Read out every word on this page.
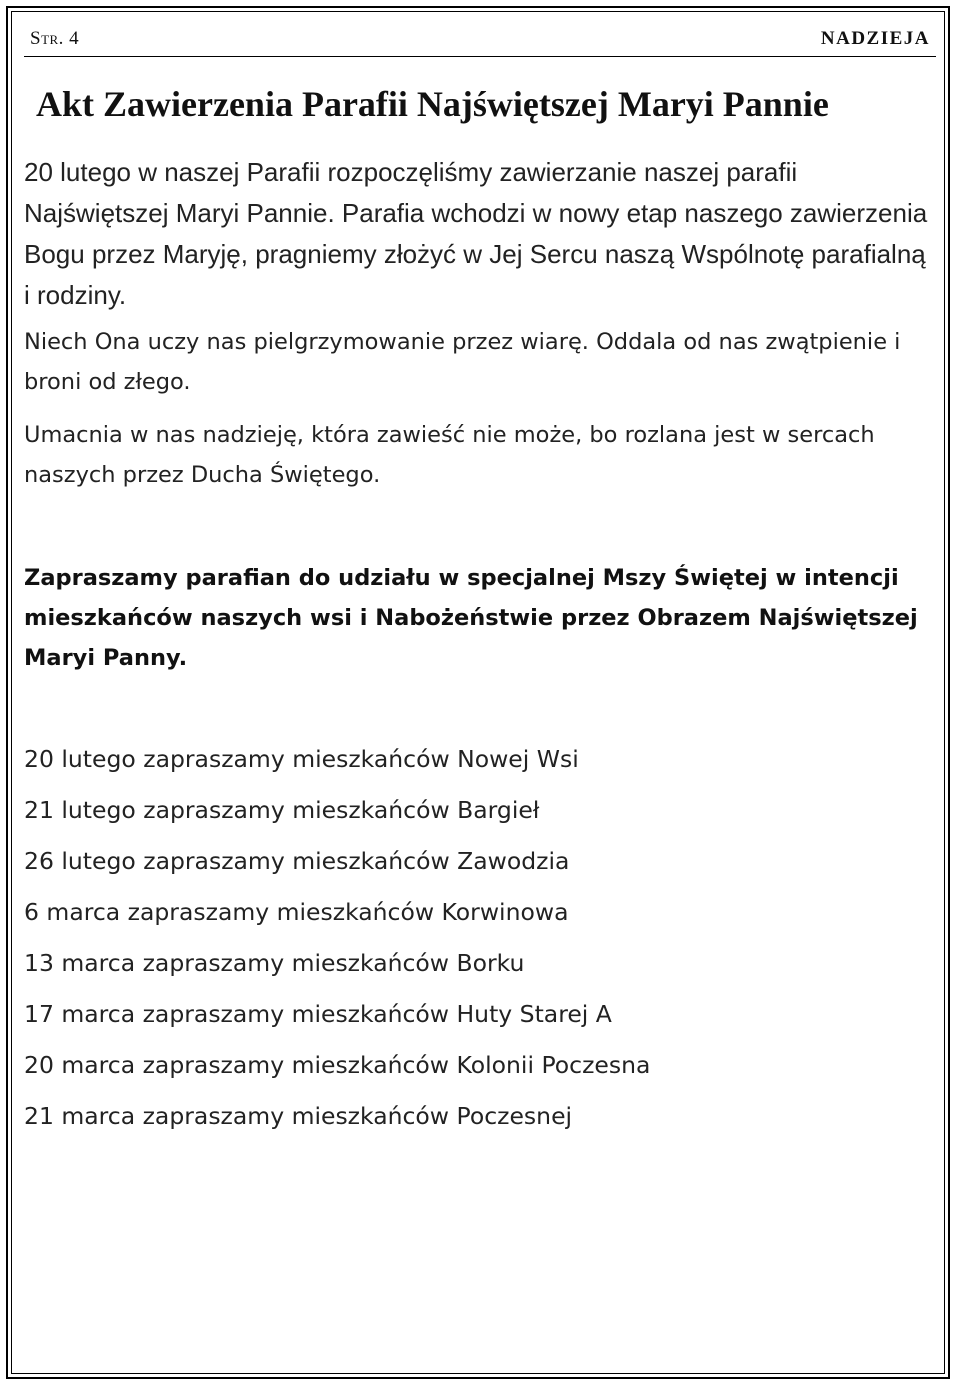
Str. 4	NADZIEJA
Akt Zawierzenia Parafii Najświętszej Maryi Pannie

20 lutego w naszej Parafii rozpoczęliśmy zawierzanie naszej parafii Najświętszej Maryi Pannie. Parafia wchodzi w nowy etap naszego zawierzenia Bogu przez Maryję, pragniemy złożyć w Jej Sercu naszą Wspólnotę parafialną i rodziny.

Niech Ona uczy nas pielgrzymowanie przez wiarę. Oddala od nas zwątpienie i broni od złego.

Umacnia w nas nadzieję, która zawieść nie może, bo rozlana jest w sercach naszych przez Ducha Świętego.

Zapraszamy parafian do udziału w specjalnej Mszy Świętej w intencji mieszkańców naszych wsi i Nabożeństwie przez Obrazem Najświętszej Maryi Panny.

20 lutego zapraszamy mieszkańców Nowej Wsi
21 lutego zapraszamy mieszkańców Bargieł
26 lutego zapraszamy mieszkańców Zawodzia
6 marca zapraszamy mieszkańców Korwinowa
13 marca zapraszamy mieszkańców Borku
17 marca zapraszamy mieszkańców Huty Starej A
20 marca zapraszamy mieszkańców Kolonii Poczesna
21 marca zapraszamy mieszkańców Poczesnej
